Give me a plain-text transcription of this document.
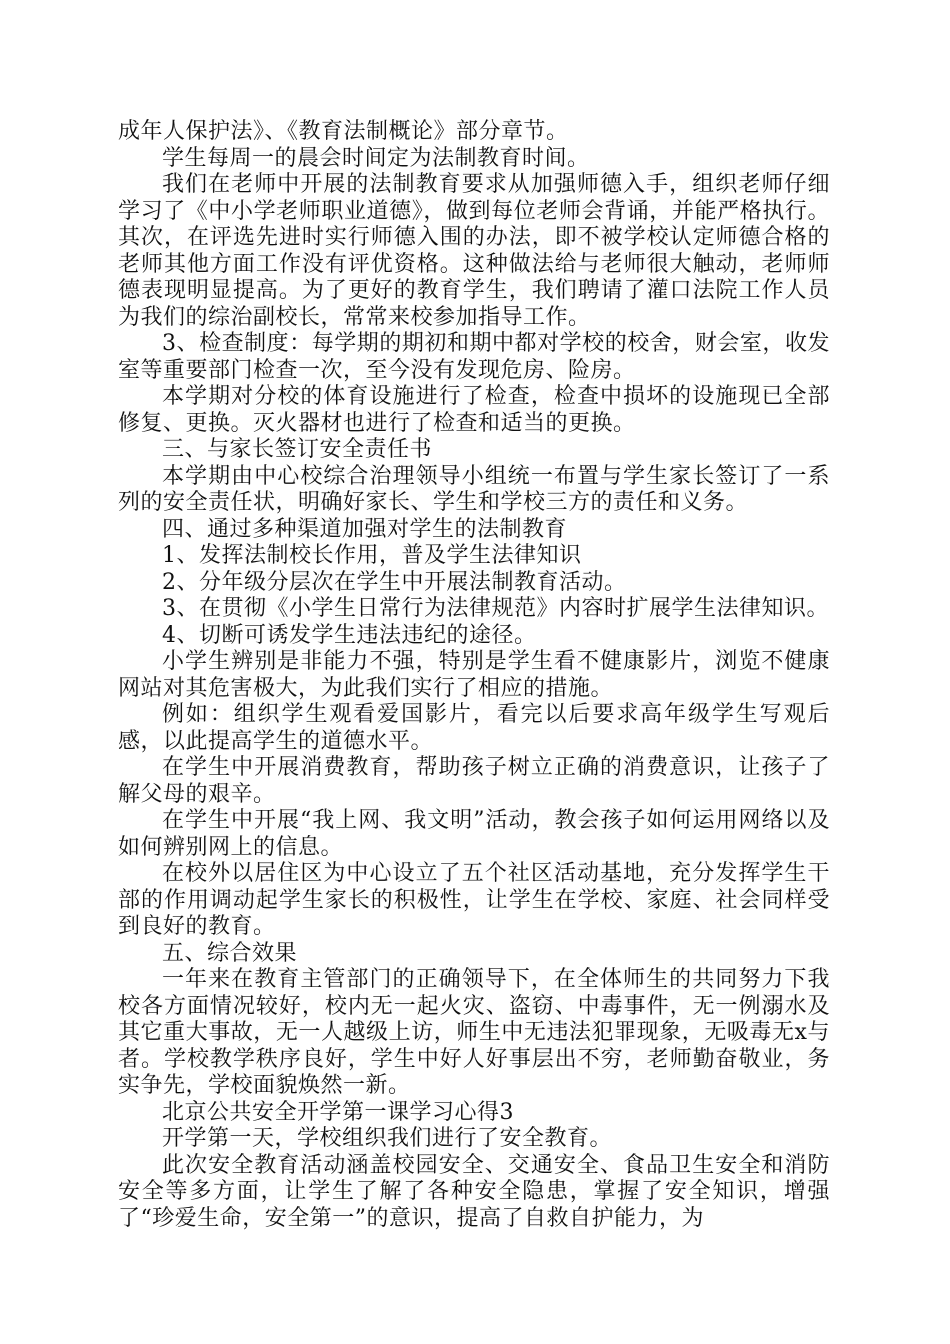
成年人保护法》、《教育法制概论》部分章节。

学生每周一的晨会时间定为法制教育时间。

我们在老师中开展的法制教育要求从加强师德入手，组织老师仔细学习了《中小学老师职业道德》，做到每位老师会背诵，并能严格执行。其次，在评选先进时实行师德入围的办法，即不被学校认定师德合格的老师其他方面工作没有评优资格。这种做法给与老师很大触动，老师师德表现明显提高。为了更好的教育学生，我们聘请了灌口法院工作人员为我们的综治副校长，常常来校参加指导工作。

3、检查制度：每学期的期初和期中都对学校的校舍，财会室，收发室等重要部门检查一次，至今没有发现危房、险房。

本学期对分校的体育设施进行了检查，检查中损坏的设施现已全部修复、更换。灭火器材也进行了检查和适当的更换。

三、与家长签订安全责任书

本学期由中心校综合治理领导小组统一布置与学生家长签订了一系列的安全责任状，明确好家长、学生和学校三方的责任和义务。

四、通过多种渠道加强对学生的法制教育

1、发挥法制校长作用，普及学生法律知识

2、分年级分层次在学生中开展法制教育活动。

3、在贯彻《小学生日常行为法律规范》内容时扩展学生法律知识。

4、切断可诱发学生违法违纪的途径。

小学生辨别是非能力不强，特别是学生看不健康影片，浏览不健康网站对其危害极大，为此我们实行了相应的措施。

例如：组织学生观看爱国影片，看完以后要求高年级学生写观后感，以此提高学生的道德水平。

在学生中开展消费教育，帮助孩子树立正确的消费意识，让孩子了解父母的艰辛。

在学生中开展“我上网、我文明”活动，教会孩子如何运用网络以及如何辨别网上的信息。

在校外以居住区为中心设立了五个社区活动基地，充分发挥学生干部的作用调动起学生家长的积极性，让学生在学校、家庭、社会同样受到良好的教育。

五、综合效果

一年来在教育主管部门的正确领导下，在全体师生的共同努力下我校各方面情况较好，校内无一起火灾、盗窃、中毒事件，无一例溺水及其它重大事故，无一人越级上访，师生中无违法犯罪现象，无吸毒无x与者。学校教学秩序良好，学生中好人好事层出不穷，老师勤奋敬业，务实争先，学校面貌焕然一新。

北京公共安全开学第一课学习心得3

开学第一天，学校组织我们进行了安全教育。

此次安全教育活动涵盖校园安全、交通安全、食品卫生安全和消防安全等多方面，让学生了解了各种安全隐患，掌握了安全知识，增强了“珍爱生命，安全第一”的意识，提高了自救自护能力，为
